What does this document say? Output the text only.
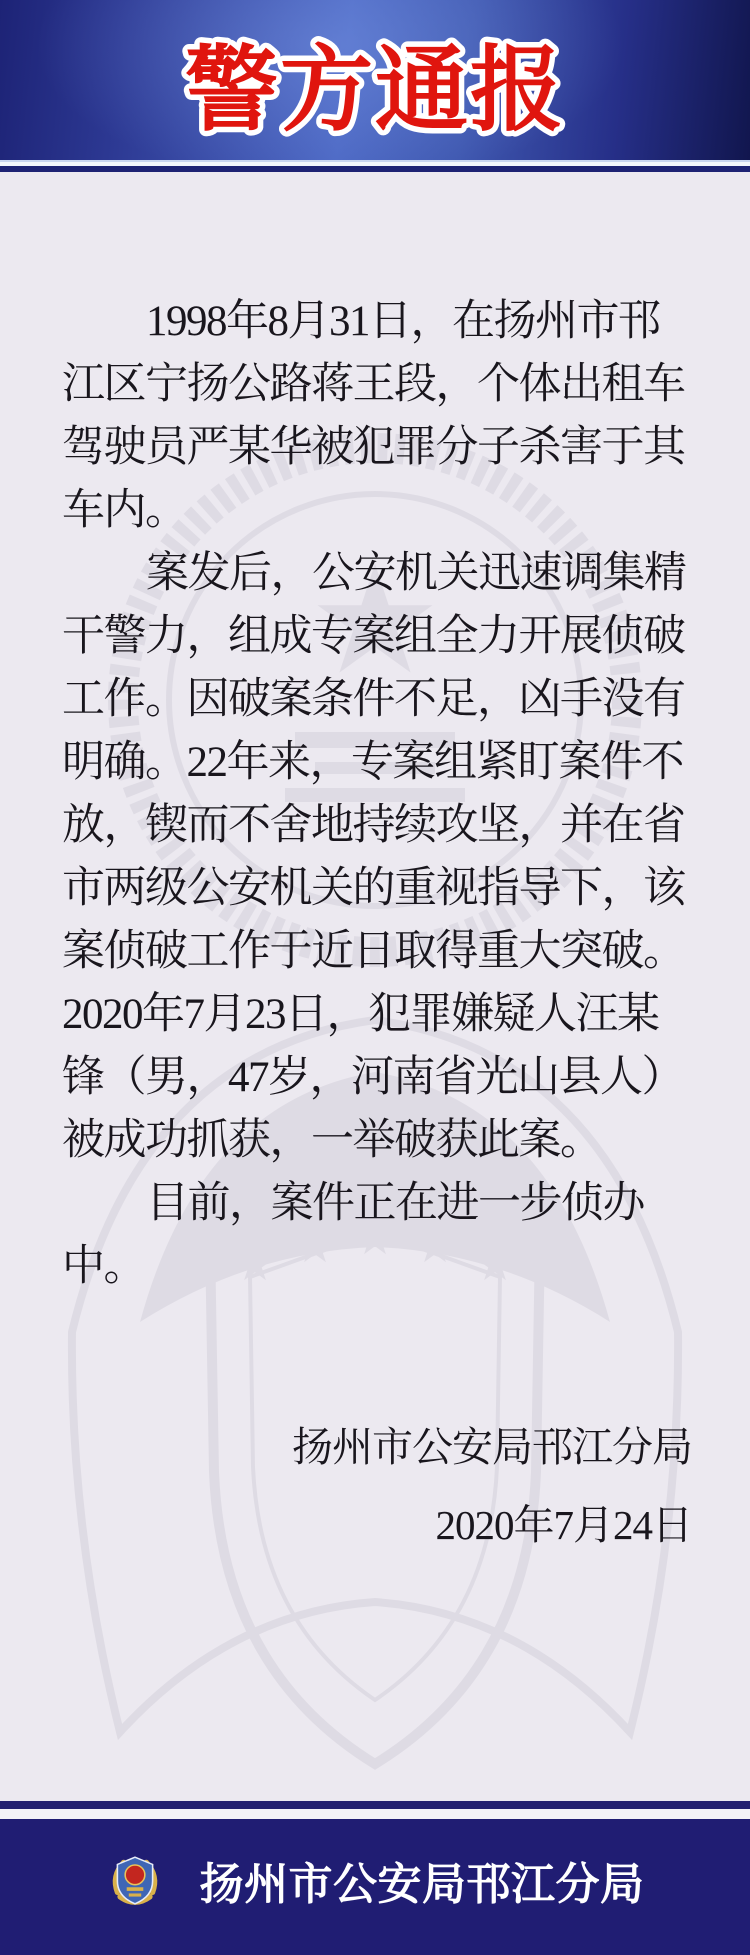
警方通报
★
★ ★ ★ ★ ★
1998年8月31日，在扬州市邗
江区宁扬公路蒋王段，个体出租车
驾驶员严某华被犯罪分子杀害于其
车内。
案发后，公安机关迅速调集精
干警力，组成专案组全力开展侦破
工作。因破案条件不足，凶手没有
明确。22年来，专案组紧盯案件不
放，锲而不舍地持续攻坚，并在省
市两级公安机关的重视指导下，该
案侦破工作于近日取得重大突破。
2020年7月23日，犯罪嫌疑人汪某
锋（男，47岁，河南省光山县人）
被成功抓获，一举破获此案。
目前，案件正在进一步侦办
中。
扬州市公安局邗江分局
2020年7月24日
扬州市公安局邗江分局
